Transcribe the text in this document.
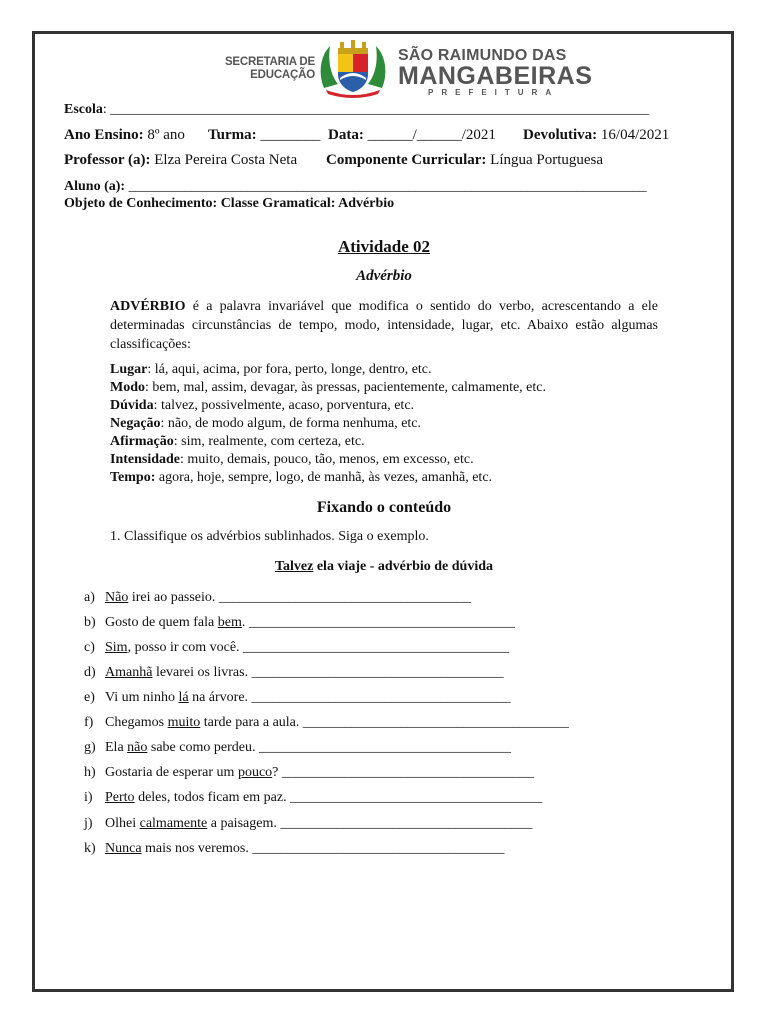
SECRETARIA DE
EDUCAÇÃO
SÃO RAIMUNDO DAS
MANGABEIRAS
PREFEITURA
Escola: _____________________________________________________________________________
Ano Ensino: 8º ano Turma: ________ Data: ______/______/2021 Devolutiva: 16/04/2021
Professor (a): Elza Pereira Costa Neta Componente Curricular: Língua Portuguesa
Aluno (a): __________________________________________________________________________
Objeto de Conhecimento: Classe Gramatical: Advérbio
Atividade 02
Advérbio
ADVÉRBIO é a palavra invariável que modifica o sentido do verbo, acrescentando a ele determinadas circunstâncias de tempo, modo, intensidade, lugar, etc. Abaixo estão algumas classificações:
Lugar: lá, aqui, acima, por fora, perto, longe, dentro, etc.
Modo: bem, mal, assim, devagar, às pressas, pacientemente, calmamente, etc.
Dúvida: talvez, possivelmente, acaso, porventura, etc.
Negação: não, de modo algum, de forma nenhuma, etc.
Afirmação: sim, realmente, com certeza, etc.
Intensidade: muito, demais, pouco, tão, menos, em excesso, etc.
Tempo: agora, hoje, sempre, logo, de manhã, às vezes, amanhã, etc.
Fixando o conteúdo
1. Classifique os advérbios sublinhados. Siga o exemplo.
Talvez ela viaje - advérbio de dúvida
a) Não irei ao passeio. ____________________________________
b) Gosto de quem fala bem. ______________________________________
c) Sim, posso ir com você. ______________________________________
d) Amanhã levarei os livras. ____________________________________
e) Vi um ninho lá na árvore. _____________________________________
f) Chegamos muito tarde para a aula. ______________________________________
g) Ela não sabe como perdeu. ____________________________________
h) Gostaria de esperar um pouco? ____________________________________
i) Perto deles, todos ficam em paz. ____________________________________
j) Olhei calmamente a paisagem. ____________________________________
k) Nunca mais nos veremos. ____________________________________
